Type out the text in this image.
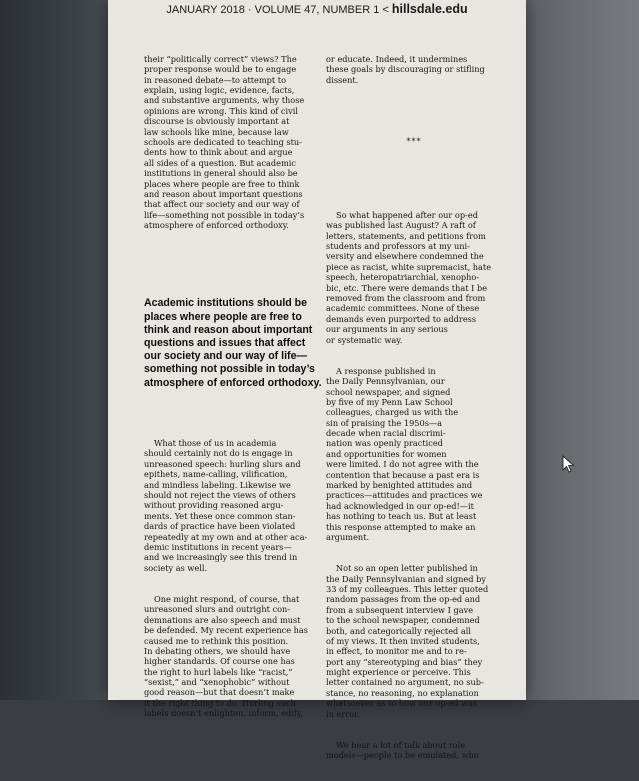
JANUARY 2018 · VOLUME 47, NUMBER 1 < hillsdale.edu

their “politically correct” views? The
proper response would be to engage
in reasoned debate—to attempt to
explain, using logic, evidence, facts,
and substantive arguments, why those
opinions are wrong. This kind of civil
discourse is obviously important at
law schools like mine, because law
schools are dedicated to teaching stu-
dents how to think about and argue
all sides of a question. But academic
institutions in general should also be
places where people are free to think
and reason about important questions
that affect our society and our way of
life—something not possible in today’s
atmosphere of enforced orthodoxy.

What those of us in academia
should certainly not do is engage in
unreasoned speech: hurling slurs and
epithets, name-calling, vilification,
and mindless labeling. Likewise we
should not reject the views of others
without providing reasoned argu-
ments. Yet these once common stan-
dards of practice have been violated
repeatedly at my own and at other aca-
demic institutions in recent years—
and we increasingly see this trend in
society as well.

One might respond, of course, that
unreasoned slurs and outright con-
demnations are also speech and must
be defended. My recent experience has
caused me to rethink this position.
In debating others, we should have
higher standards. Of course one has
the right to hurl labels like “racist,”
“sexist,” and “xenophobic” without
good reason—but that doesn’t make
it the right thing to do. Hurling such
labels doesn’t enlighten, inform, edify,

Academic institutions should be
places where people are free to
think and reason about important
questions and issues that affect
our society and our way of life—
something not possible in today’s
atmosphere of enforced orthodoxy.

or educate. Indeed, it undermines
these goals by discouraging or stifling
dissent.

***

So what happened after our op-ed
was published last August? A raft of
letters, statements, and petitions from
students and professors at my uni-
versity and elsewhere condemned the
piece as racist, white supremacist, hate
speech, heteropatriarchial, xenopho-
bic, etc. There were demands that I be
removed from the classroom and from
academic committees. None of these
demands even purported to address
our arguments in any serious
or systematic way.

A response published in
the Daily Pennsylvanian, our
school newspaper, and signed
by five of my Penn Law School
colleagues, charged us with the
sin of praising the 1950s—a
decade when racial discrimi-
nation was openly practiced
and opportunities for women
were limited. I do not agree with the
contention that because a past era is
marked by benighted attitudes and
practices—attitudes and practices we
had acknowledged in our op-ed!—it
has nothing to teach us. But at least
this response attempted to make an
argument.

Not so an open letter published in
the Daily Pennsylvanian and signed by
33 of my colleagues. This letter quoted
random passages from the op-ed and
from a subsequent interview I gave
to the school newspaper, condemned
both, and categorically rejected all
of my views. It then invited students,
in effect, to monitor me and to re-
port any “stereotyping and bias” they
might experience or perceive. This
letter contained no argument, no sub-
stance, no reasoning, no explanation
whatsoever as to how our op-ed was
in error.

We hear a lot of talk about role
models—people to be emulated, who
